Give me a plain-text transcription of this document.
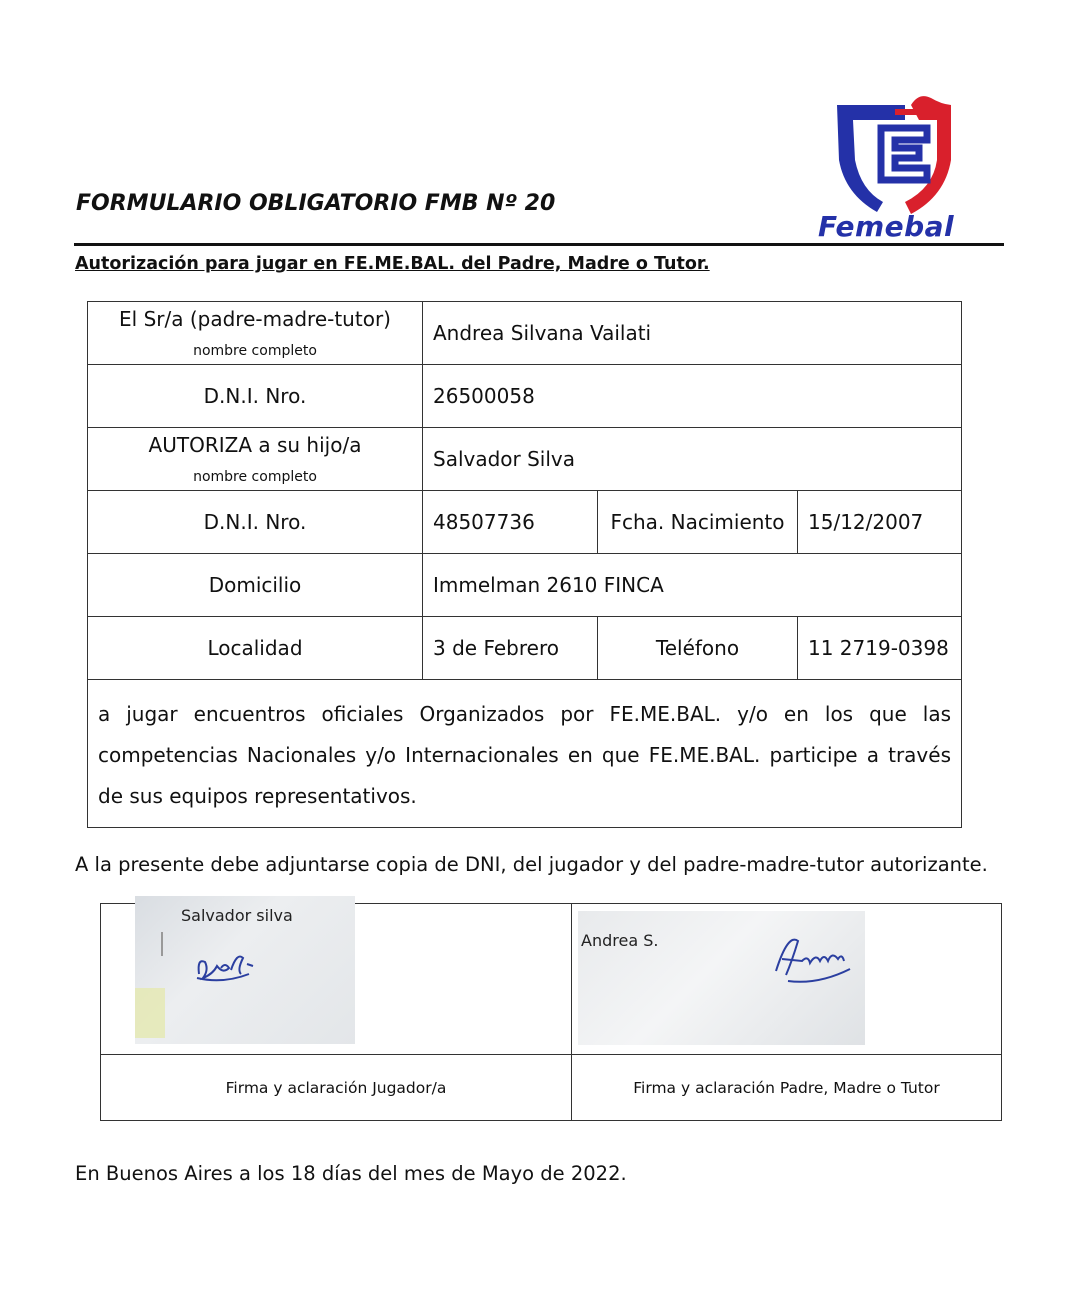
Femebal
FORMULARIO OBLIGATORIO FMB Nº 20
Autorización para jugar en FE.ME.BAL. del Padre, Madre o Tutor.
El Sr/a (padre-madre-tutor)
nombre completo	Andrea Silvana Vailati		
D.N.I. Nro.	26500058		
AUTORIZA a su hijo/a
nombre completo	Salvador Silva		
D.N.I. Nro.	48507736	Fcha. Nacimiento	15/12/2007
Domicilio	Immelman 2610 FINCA		
Localidad	3 de Febrero	Teléfono	11 2719-0398
a jugar encuentros oficiales Organizados por FE.ME.BAL. y/o en los que las competencias Nacionales y/o Internacionales en que FE.ME.BAL. participe a través de sus equipos representativos.			
A la presente debe adjuntarse copia de DNI, del jugador y del padre-madre-tutor autorizante.
Salvador silva	Andrea S.

Firma y aclaración Jugador/a	Firma y aclaración Padre, Madre o Tutor
En Buenos Aires a los 18 días del mes de Mayo de 2022.
